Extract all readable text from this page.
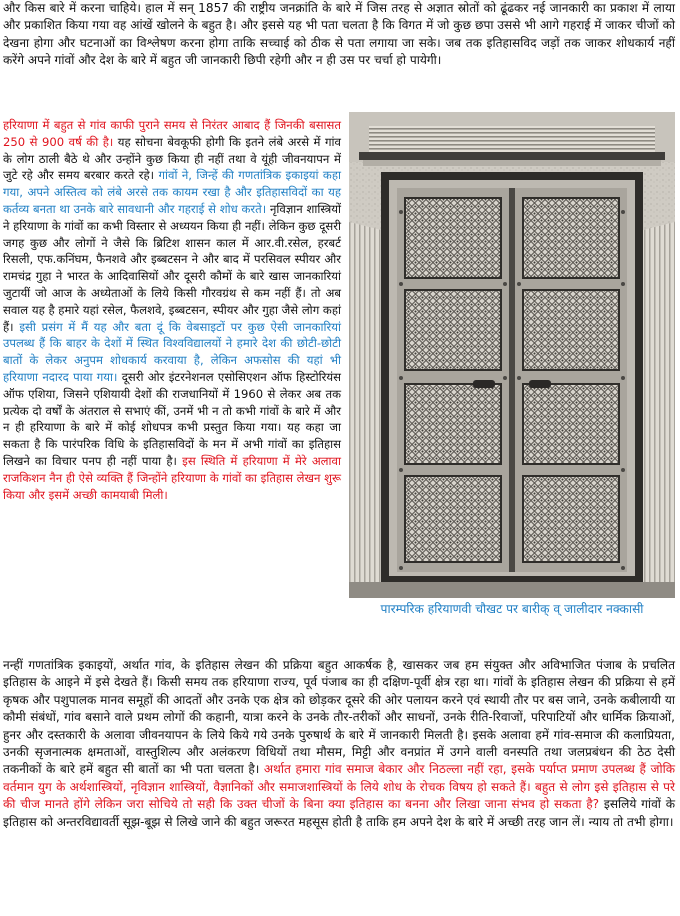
और किस बारे में करना चाहिये। हाल में सन् 1857 की राष्ट्रीय जनक्रांति के बारे में जिस तरह से अज्ञात स्रोतों को ढूंढकर नई जानकारी का प्रकाश में लाया और प्रकाशित किया गया वह आंखें खोलने के बहुत है। और इससे यह भी पता चलता है कि विगत में जो कुछ छपा उससे भी आगे गहराई में जाकर चीजों को देखना होगा और घटनाओं का विश्लेषण करना होगा ताकि सच्चाई को ठीक से पता लगाया जा सके। जब तक इतिहासविद जड़ों तक जाकर शोधकार्य नहीं करेंगे अपने गांवों और देश के बारे में बहुत जी जानकारी छिपी रहेगी और न ही उस पर चर्चा हो पायेगी।

हरियाणा में बहुत से गांव काफी पुराने समय से निरंतर आबाद हैं जिनकी बसासत 250 से 900 वर्ष की है। यह सोचना बेवकूफी होगी कि इतने लंबे अरसे में गांव के लोग ठाली बैठे थे और उन्होंने कुछ किया ही नहीं तथा वे यूंही जीवनयापन में जुटे रहे और समय बरबार करते रहे। गांवों ने, जिन्हें की गणतांत्रिक इकाइयां कहा गया, अपने अस्तित्व को लंबे अरसे तक कायम रखा है और इतिहासविदों का यह कर्तव्य बनता था उनके बारे सावधानी और गहराई से शोध करते। नृविज्ञान शास्त्रियों ने हरियाणा के गांवों का कभी विस्तार से अध्ययन किया ही नहीं। लेकिन कुछ दूसरी जगह कुछ और लोगों ने जैसे कि ब्रिटिश शासन काल में आर.वी.रसेल, हरबर्ट रिसली, एफ.कनिंघम, फैनशवे और इब्बटसन ने और बाद में परसिवल स्पीयर और रामचंद्र गुहा ने भारत के आदिवासियों और दूसरी कौमों के बारे खास जानकारियां जुटायीं जो आज के अध्येताओं के लिये किसी गौरवग्रंथ से कम नहीं हैं। तो अब सवाल यह है हमारे यहां रसेल, फैलशवे, इब्बटसन, स्पीयर और गुहा जैसे लोग कहां हैं। इसी प्रसंग में मैं यह और बता दूं कि वेबसाइटों पर कुछ ऐसी जानकारियां उपलब्ध हैं कि बाहर के देशों में स्थित विश्वविद्यालयों ने हमारे देश की छोटी-छोटी बातों के लेकर अनुपम शोधकार्य करवाया है, लेकिन अफसोस की यहां भी हरियाणा नदारद पाया गया। दूसरी ओर इंटरनेशनल एसोसिएशन ऑफ हिस्टोरियंस ऑफ एशिया, जिसने एशियायी देशों की राजधानियों में 1960 से लेकर अब तक प्रत्येक दो वर्षों के अंतराल से सभाएं कीं, उनमें भी न तो कभी गांवों के बारे में और न ही हरियाणा के बारे में कोई शोधपत्र कभी प्रस्तुत किया गया। यह कहा जा सकता है कि पारंपरिक विधि के इतिहासविदों के मन में अभी गांवों का इतिहास लिखने का विचार पनप ही नहीं पाया है। इस स्थिति में हरियाणा में मेरे अलावा राजकिशन नैन ही ऐसे व्यक्ति हैं जिन्होंने हरियाणा के गांवों का इतिहास लेखन शुरू किया और इसमें अच्छी कामयाबी मिली।

पारम्परिक हरियाणवी चौखट पर बारीक् व् जालीदार नक्कासी

नन्हीं गणतांत्रिक इकाइयों, अर्थात गांव, के इतिहास लेखन की प्रक्रिया बहुत आकर्षक है, खासकर जब हम संयुक्त और अविभाजित पंजाब के प्रचलित इतिहास के आइने में इसे देखते हैं। किसी समय तक हरियाणा राज्य, पूर्व पंजाब का ही दक्षिण-पूर्वी क्षेत्र रहा था। गांवों के इतिहास लेखन की प्रक्रिया से हमें कृषक और पशुपालक मानव समूहों की आदतों और उनके एक क्षेत्र को छोड़कर दूसरे की ओर पलायन करने एवं स्थायी तौर पर बस जाने, उनके कबीलायी या कौमी संबंधों, गांव बसाने वाले प्रथम लोगों की कहानी, यात्रा करने के उनके तौर-तरीकों और साधनों, उनके रीति-रिवाजों, परिपाटियों और धार्मिक क्रियाओं, हुनर और दस्तकारी के अलावा जीवनयापन के लिये किये गये उनके पुरुषार्थ के बारे में जानकारी मिलती है। इसके अलावा हमें गांव-समाज की कलाप्रियता, उनकी सृजनात्मक क्षमताओं, वास्तुशिल्प और अलंकरण विधियों तथा मौसम, मिट्टी और वनप्रांत में उगने वाली वनस्पति तथा जलप्रबंधन की ठेठ देसी तकनीकों के बारे हमें बहुत सी बातों का भी पता चलता है। अर्थात हमारा गांव समाज बेकार और निठल्ला नहीं रहा, इसके पर्याप्त प्रमाण उपलब्ध हैं जोकि वर्तमान युग के अर्थशास्त्रियों, नृविज्ञान शास्त्रियों, वैज्ञानिकों और समाजशास्त्रियों के लिये शोध के रोचक विषय हो सकते हैं। बहुत से लोग इसे इतिहास से परे की चीज मानते होंगे लेकिन जरा सोचिये तो सही कि उक्त चीजों के बिना क्या इतिहास का बनना और लिखा जाना संभव हो सकता है? इसलिये गांवों के इतिहास को अन्तरविद्यावर्ती सूझ-बूझ से लिखे जाने की बहुत जरूरत महसूस होती है ताकि हम अपने देश के बारे में अच्छी तरह जान लें। न्याय तो तभी होगा।
